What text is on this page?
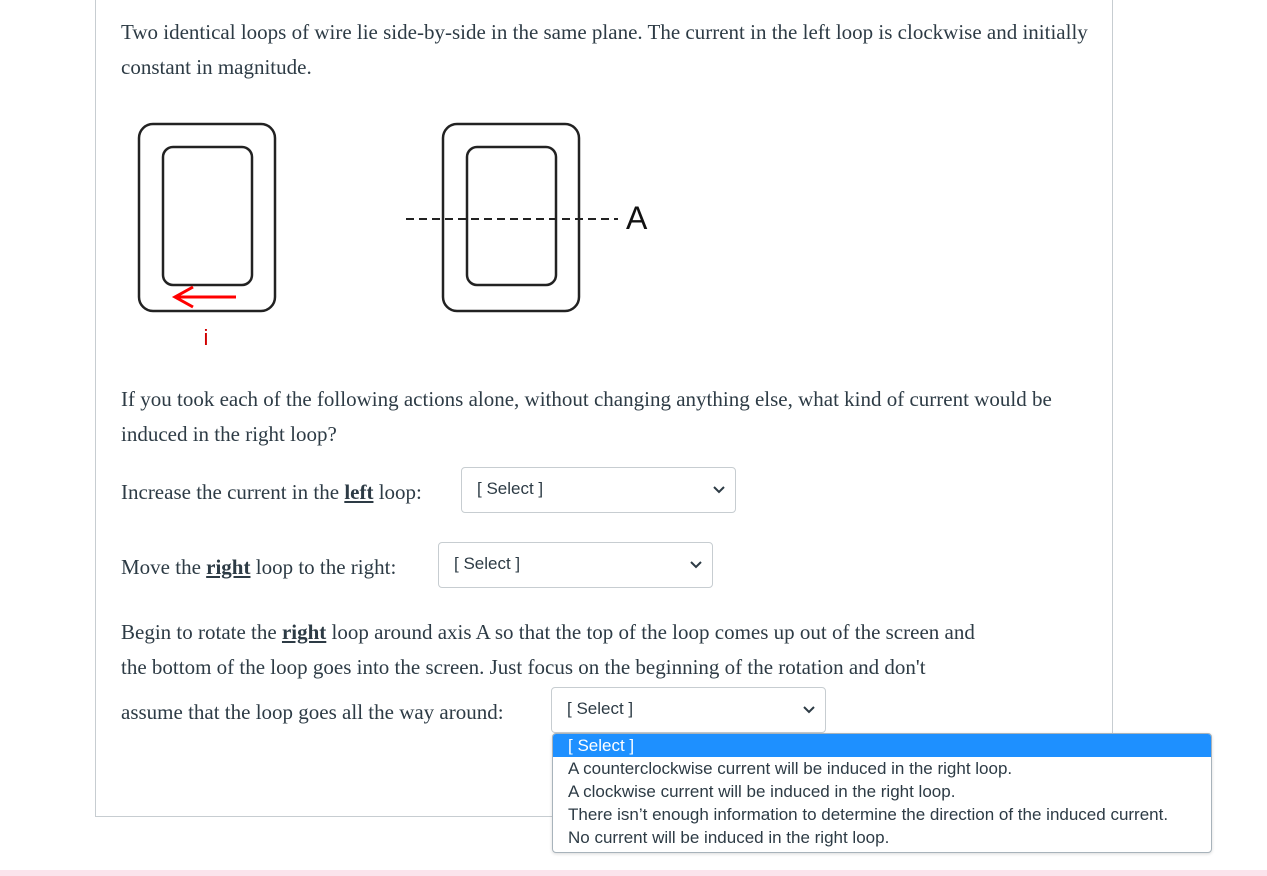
Two identical loops of wire lie side-by-side in the same plane. The current in the left loop is clockwise and initially constant in magnitude.

i
A

If you took each of the following actions alone, without changing anything else, what kind of current would be induced in the right loop?

Increase the current in the left loop:	[ Select ]
Move the right loop to the right:	[ Select ]
Begin to rotate the right loop around axis A so that the top of the loop comes up out of the screen and
the bottom of the loop goes into the screen. Just focus on the beginning of the rotation and don't
assume that the loop goes all the way around:	[ Select ]
[ Select ]
A counterclockwise current will be induced in the right loop.
A clockwise current will be induced in the right loop.
There isn’t enough information to determine the direction of the induced current.
No current will be induced in the right loop.
